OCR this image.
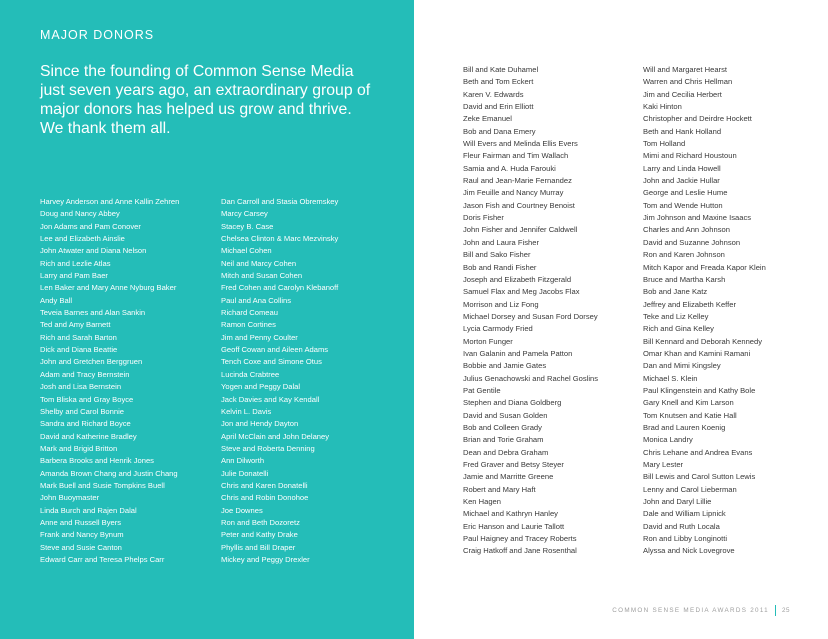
MAJOR DONORS
Since the founding of Common Sense Media just seven years ago, an extraordinary group of major donors has helped us grow and thrive. We thank them all.
Harvey Anderson and Anne Kallin Zehren
Doug and Nancy Abbey
Jon Adams and Pam Conover
Lee and Elizabeth Ainslie
John Atwater and Diana Nelson
Rich and Lezlie Atlas
Larry and Pam Baer
Len Baker and Mary Anne Nyburg Baker
Andy Ball
Teveia Barnes and Alan Sankin
Ted and Amy Barnett
Rich and Sarah Barton
Dick and Diana Beattie
John and Gretchen Berggruen
Adam and Tracy Bernstein
Josh and Lisa Bernstein
Tom Bliska and Gray Boyce
Shelby and Carol Bonnie
Sandra and Richard Boyce
David and Katherine Bradley
Mark and Brigid Britton
Barbera Brooks and Henrik Jones
Amanda Brown Chang and Justin Chang
Mark Buell and Susie Tompkins Buell
John Buoymaster
Linda Burch and Rajen Dalal
Anne and Russell Byers
Frank and Nancy Bynum
Steve and Susie Canton
Edward Carr and Teresa Phelps Carr
Dan Carroll and Stasia Obremskey
Marcy Carsey
Stacey B. Case
Chelsea Clinton & Marc Mezvinsky
Michael Cohen
Neil and Marcy Cohen
Mitch and Susan Cohen
Fred Cohen and Carolyn Klebanoff
Paul and Ana Collins
Richard Comeau
Ramon Cortines
Jim and Penny Coulter
Geoff Cowan and Aileen Adams
Tench Coxe and Simone Otus
Lucinda Crabtree
Yogen and Peggy Dalal
Jack Davies and Kay Kendall
Kelvin L. Davis
Jon and Hendy Dayton
April McClain and John Delaney
Steve and Roberta Denning
Ann Dilworth
Julie Donatelli
Chris and Karen Donatelli
Chris and Robin Donohoe
Joe Downes
Ron and Beth Dozoretz
Peter and Kathy Drake
Phyllis and Bill Draper
Mickey and Peggy Drexler
Bill and Kate Duhamel
Beth and Tom Eckert
Karen V. Edwards
David and Erin Elliott
Zeke Emanuel
Bob and Dana Emery
Will Evers and Melinda Ellis Evers
Fleur Fairman and Tim Wallach
Samia and A. Huda Farouki
Raul and Jean-Marie Fernandez
Jim Feuille and Nancy Murray
Jason Fish and Courtney Benoist
Doris Fisher
John Fisher and Jennifer Caldwell
John and Laura Fisher
Bill and Sako Fisher
Bob and Randi Fisher
Joseph and Elizabeth Fitzgerald
Samuel Flax and Meg Jacobs Flax
Morrison and Liz Fong
Michael Dorsey and Susan Ford Dorsey
Lycia Carmody Fried
Morton Funger
Ivan Galanin and Pamela Patton
Bobbie and Jamie Gates
Julius Genachowski and Rachel Goslins
Pat Gentile
Stephen and Diana Goldberg
David and Susan Golden
Bob and Colleen Grady
Brian and Torie Graham
Dean and Debra Graham
Fred Graver and Betsy Steyer
Jamie and Marritte Greene
Robert and Mary Haft
Ken Hagen
Michael and Kathryn Hanley
Eric Hanson and Laurie Tallott
Paul Haigney and Tracey Roberts
Craig Hatkoff and Jane Rosenthal
Will and Margaret Hearst
Warren and Chris Hellman
Jim and Cecilia Herbert
Kaki Hinton
Christopher and Deirdre Hockett
Beth and Hank Holland
Tom Holland
Mimi and Richard Houstoun
Larry and Linda Howell
John and Jackie Hullar
George and Leslie Hume
Tom and Wende Hutton
Jim Johnson and Maxine Isaacs
Charles and Ann Johnson
David and Suzanne Johnson
Ron and Karen Johnson
Mitch Kapor and Freada Kapor Klein
Bruce and Martha Karsh
Bob and Jane Katz
Jeffrey and Elizabeth Keffer
Teke and Liz Kelley
Rich and Gina Kelley
Bill Kennard and Deborah Kennedy
Omar Khan and Kamini Ramani
Dan and Mimi Kingsley
Michael S. Klein
Paul Klingenstein and Kathy Bole
Gary Knell and Kim Larson
Tom Knutsen and Katie Hall
Brad and Lauren Koenig
Monica Landry
Chris Lehane and Andrea Evans
Mary Lester
Bill Lewis and Carol Sutton Lewis
Lenny and Carol Lieberman
John and Daryl Lillie
Dale and William Lipnick
David and Ruth Locala
Ron and Libby Longinotti
Alyssa and Nick Lovegrove
COMMON SENSE MEDIA AWARDS 2011 25
